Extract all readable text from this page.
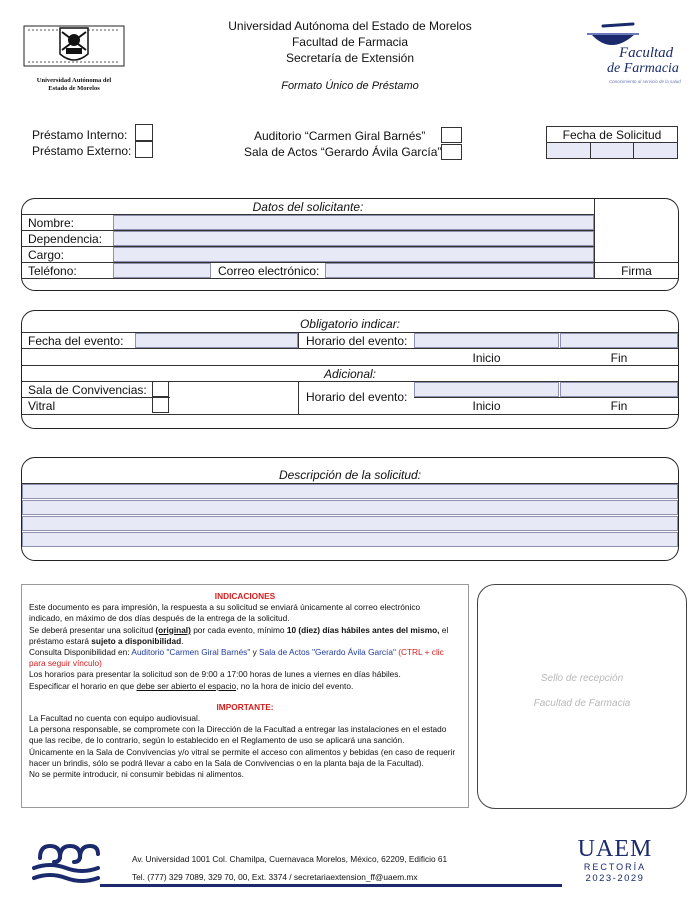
Universidad Autónoma del
Estado de Morelos
Universidad Autónoma del Estado de Morelos
Facultad de Farmacia
Secretaría de Extensión
Formato Único de Préstamo
Facultad
de Farmacia
Conocimiento al servicio de la salud
Préstamo Interno:
Préstamo Externo:
Auditorio “Carmen Giral Barnés”
Sala de Actos “Gerardo Ávila García”
Fecha de Solicitud
Datos del solicitante:
Nombre:
Dependencia:
Cargo:
Teléfono:	Correo electrónico:	Firma
Obligatorio indicar:
Fecha del evento:	Horario del evento:
Inicio	Fin
Adicional:
Sala de Convivencias:
Vitral
Horario del evento:
Inicio	Fin
Descripción de la solicitud:

INDICACIONES

Este documento es para impresión, la respuesta a su solicitud se enviará únicamente al correo electrónico

indicado, en máximo de dos días después de la entrega de la solicitud.

Se deberá presentar una solicitud (original) por cada evento, mínimo 10 (diez) días hábiles antes del mismo, el

préstamo estará sujeto a disponibilidad.

Consulta Disponibilidad en: Auditorio "Carmen Giral Barnés" y Sala de Actos "Gerardo Ávila García" (CTRL + clic

para seguir vínculo)

Los horarios para presentar la solicitud son de 9:00 a 17:00 horas de lunes a viernes en días hábiles.

Especificar el horario en que debe ser abierto el espacio, no la hora de inicio del evento.

IMPORTANTE:

La Facultad no cuenta con equipo audiovisual.

La persona responsable, se compromete con la Dirección de la Facultad a entregar las instalaciones en el estado

que las recibe, de lo contrario, según lo establecido en el Reglamento de uso se aplicará una sanción.

Únicamente en la Sala de Convivencias y/o vitral se permite el acceso con alimentos y bebidas (en caso de requerir

hacer un brindis, sólo se podrá llevar a cabo en la Sala de Convivencias o en la planta baja de la Facultad).

No se permite introducir, ni consumir bebidas ni alimentos.

Sello de recepción
Facultad de Farmacia
Av. Universidad 1001 Col. Chamilpa, Cuernavaca Morelos, México, 62209, Edificio 61
Tel. (777) 329 7089, 329 70, 00, Ext. 3374 / secretariaextension_ff@uaem.mx
UAEM
RECTORÍA
2023-2029
